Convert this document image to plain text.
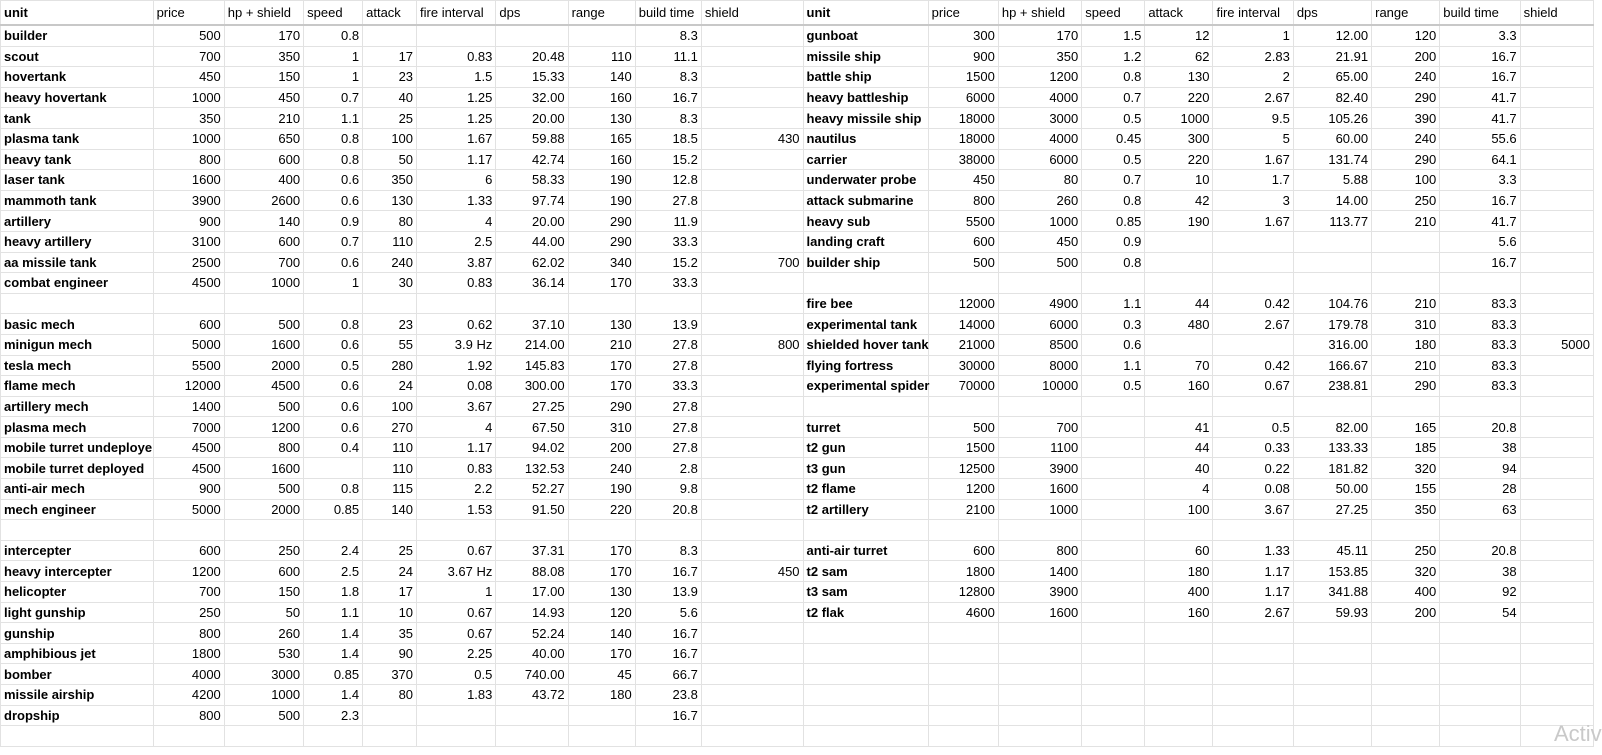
unit	price	hp + shield	speed	attack	fire interval	dps	range	build time	shield	unit	price	hp + shield	speed	attack	fire interval	dps	range	build time	shield
builder	500	170	0.8					8.3		gunboat	300	170	1.5	12	1	12.00	120	3.3	
scout	700	350	1	17	0.83	20.48	110	11.1		missile ship	900	350	1.2	62	2.83	21.91	200	16.7	
hovertank	450	150	1	23	1.5	15.33	140	8.3		battle ship	1500	1200	0.8	130	2	65.00	240	16.7	
heavy hovertank	1000	450	0.7	40	1.25	32.00	160	16.7		heavy battleship	6000	4000	0.7	220	2.67	82.40	290	41.7	
tank	350	210	1.1	25	1.25	20.00	130	8.3		heavy missile ship	18000	3000	0.5	1000	9.5	105.26	390	41.7	
plasma tank	1000	650	0.8	100	1.67	59.88	165	18.5	430	nautilus	18000	4000	0.45	300	5	60.00	240	55.6	
heavy tank	800	600	0.8	50	1.17	42.74	160	15.2		carrier	38000	6000	0.5	220	1.67	131.74	290	64.1	
laser tank	1600	400	0.6	350	6	58.33	190	12.8		underwater probe	450	80	0.7	10	1.7	5.88	100	3.3	
mammoth tank	3900	2600	0.6	130	1.33	97.74	190	27.8		attack submarine	800	260	0.8	42	3	14.00	250	16.7	
artillery	900	140	0.9	80	4	20.00	290	11.9		heavy sub	5500	1000	0.85	190	1.67	113.77	210	41.7	
heavy artillery	3100	600	0.7	110	2.5	44.00	290	33.3		landing craft	600	450	0.9					5.6	
aa missile tank	2500	700	0.6	240	3.87	62.02	340	15.2	700	builder ship	500	500	0.8					16.7	
combat engineer	4500	1000	1	30	0.83	36.14	170	33.3											
										fire bee	12000	4900	1.1	44	0.42	104.76	210	83.3	
basic mech	600	500	0.8	23	0.62	37.10	130	13.9		experimental tank	14000	6000	0.3	480	2.67	179.78	310	83.3	
minigun mech	5000	1600	0.6	55	3.9 Hz	214.00	210	27.8	800	shielded hover tank	21000	8500	0.6			316.00	180	83.3	5000
tesla mech	5500	2000	0.5	280	1.92	145.83	170	27.8		flying fortress	30000	8000	1.1	70	0.42	166.67	210	83.3	
flame mech	12000	4500	0.6	24	0.08	300.00	170	33.3		experimental spider	70000	10000	0.5	160	0.67	238.81	290	83.3	
artillery mech	1400	500	0.6	100	3.67	27.25	290	27.8											
plasma mech	7000	1200	0.6	270	4	67.50	310	27.8		turret	500	700		41	0.5	82.00	165	20.8	
mobile turret undeploye	4500	800	0.4	110	1.17	94.02	200	27.8		t2 gun	1500	1100		44	0.33	133.33	185	38	
mobile turret deployed	4500	1600		110	0.83	132.53	240	2.8		t3 gun	12500	3900		40	0.22	181.82	320	94	
anti-air mech	900	500	0.8	115	2.2	52.27	190	9.8		t2 flame	1200	1600		4	0.08	50.00	155	28	
mech engineer	5000	2000	0.85	140	1.53	91.50	220	20.8		t2 artillery	2100	1000		100	3.67	27.25	350	63	

intercepter	600	250	2.4	25	0.67	37.31	170	8.3		anti-air turret	600	800		60	1.33	45.11	250	20.8	
heavy intercepter	1200	600	2.5	24	3.67 Hz	88.08	170	16.7	450	t2 sam	1800	1400		180	1.17	153.85	320	38	
helicopter	700	150	1.8	17	1	17.00	130	13.9		t3 sam	12800	3900		400	1.17	341.88	400	92	
light gunship	250	50	1.1	10	0.67	14.93	120	5.6		t2 flak	4600	1600		160	2.67	59.93	200	54	
gunship	800	260	1.4	35	0.67	52.24	140	16.7											
amphibious jet	1800	530	1.4	90	2.25	40.00	170	16.7											
bomber	4000	3000	0.85	370	0.5	740.00	45	66.7											
missile airship	4200	1000	1.4	80	1.83	43.72	180	23.8											
dropship	800	500	2.3					16.7											

Activ
